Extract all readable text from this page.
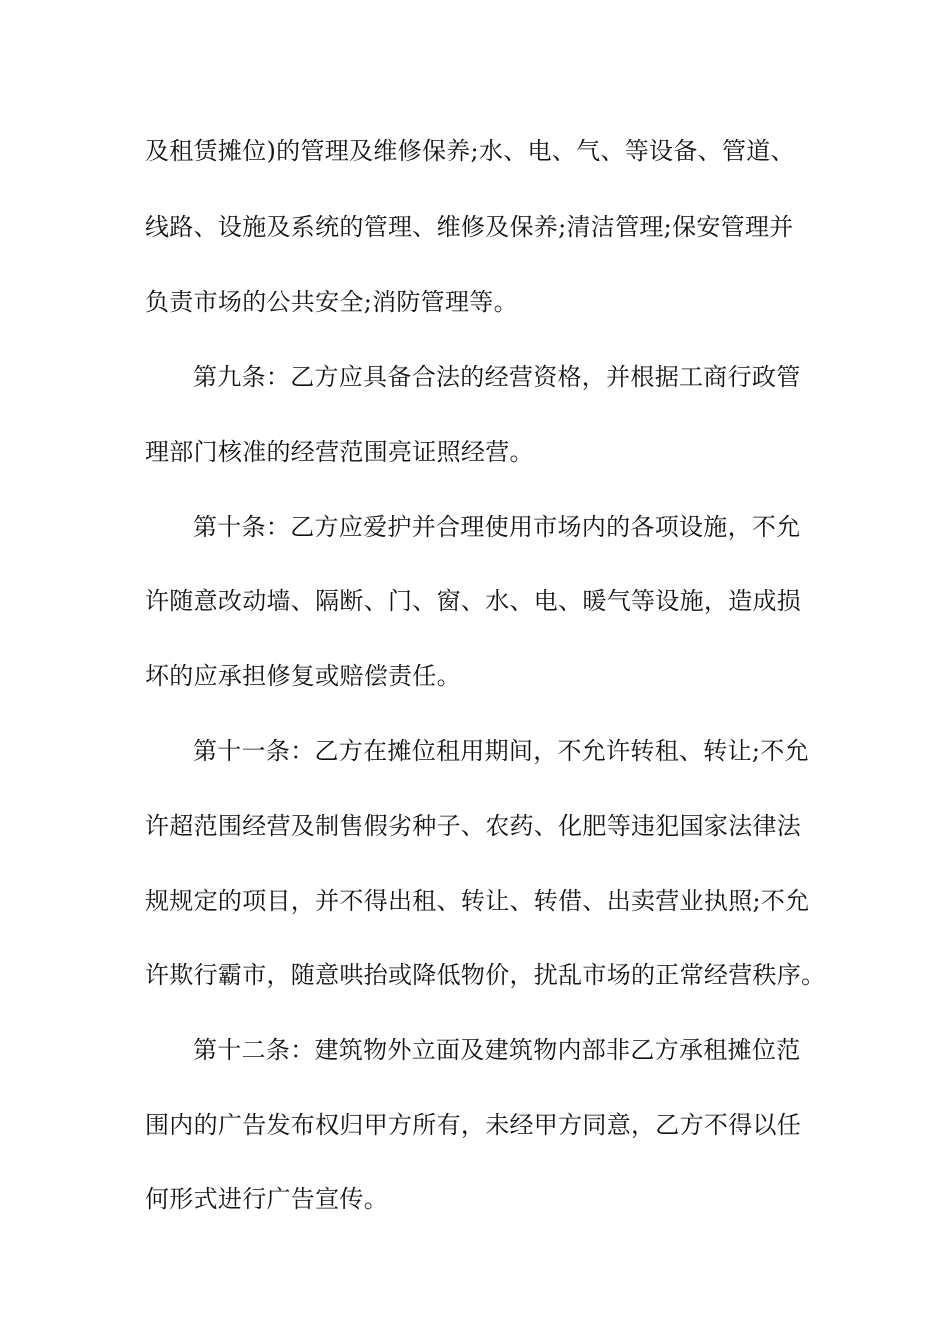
及租赁摊位)的管理及维修保养;水、电、气、等设备、管道、
线路、设施及系统的管理、维修及保养;清洁管理;保安管理并
负责市场的公共安全;消防管理等。
第九条：乙方应具备合法的经营资格，并根据工商行政管
理部门核准的经营范围亮证照经营。
第十条：乙方应爱护并合理使用市场内的各项设施，不允
许随意改动墙、隔断、门、窗、水、电、暖气等设施，造成损
坏的应承担修复或赔偿责任。
第十一条：乙方在摊位租用期间，不允许转租、转让;不允
许超范围经营及制售假劣种子、农药、化肥等违犯国家法律法
规规定的项目，并不得出租、转让、转借、出卖营业执照;不允
许欺行霸市，随意哄抬或降低物价，扰乱市场的正常经营秩序。
第十二条：建筑物外立面及建筑物内部非乙方承租摊位范
围内的广告发布权归甲方所有，未经甲方同意，乙方不得以任
何形式进行广告宣传。
